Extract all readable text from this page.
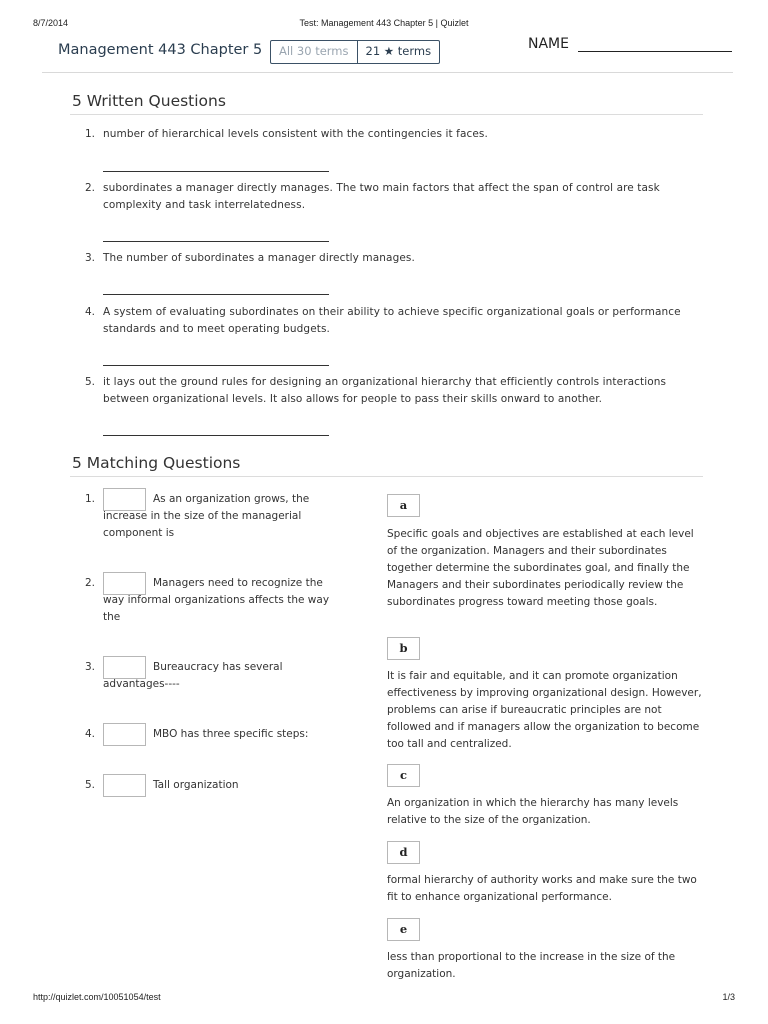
8/7/2014	Test: Management 443 Chapter 5 | Quizlet
Management 443 Chapter 5	All 30 terms	21 ★ terms	NAME
5 Written Questions
1. number of hierarchical levels consistent with the contingencies it faces.
2. subordinates a manager directly manages. The two main factors that affect the span of control are task complexity and task interrelatedness.
3. The number of subordinates a manager directly manages.
4. A system of evaluating subordinates on their ability to achieve specific organizational goals or performance standards and to meet operating budgets.
5. it lays out the ground rules for designing an organizational hierarchy that efficiently controls interactions between organizational levels. It also allows for people to pass their skills onward to another.
5 Matching Questions
1.	As an organization grows, the increase in the size of the managerial component is
2.	Managers need to recognize the way informal organizations affects the way the
3.	Bureaucracy has several advantages----
4.	MBO has three specific steps:
5.	Tall organization
a
Specific goals and objectives are established at each level of the organization. Managers and their subordinates together determine the subordinates goal, and finally the Managers and their subordinates periodically review the subordinates progress toward meeting those goals.
b
It is fair and equitable, and it can promote organization effectiveness by improving organizational design. However, problems can arise if bureaucratic principles are not followed and if managers allow the organization to become too tall and centralized.
c
An organization in which the hierarchy has many levels relative to the size of the organization.
d
formal hierarchy of authority works and make sure the two fit to enhance organizational performance.
e
less than proportional to the increase in the size of the organization.
http://quizlet.com/10051054/test	1/3
